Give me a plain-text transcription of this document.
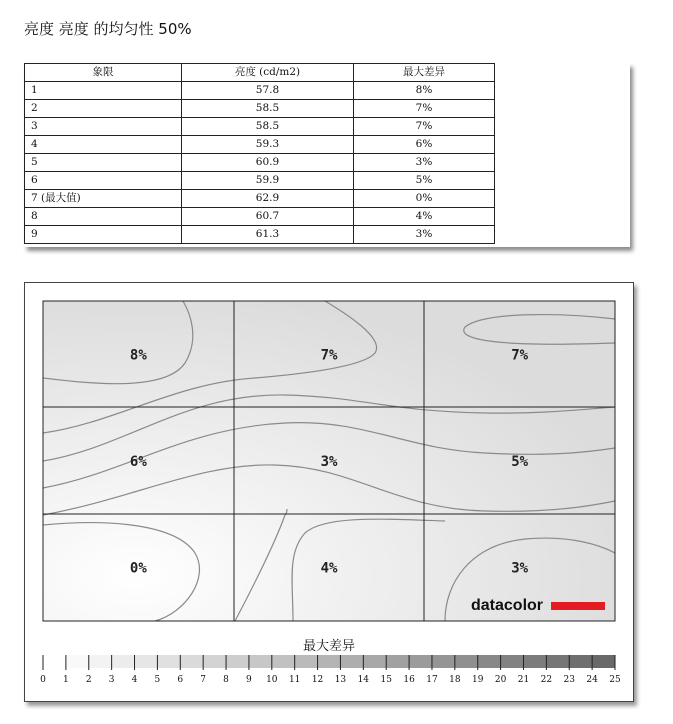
亮度 亮度 的均匀性 50%
象限	亮度 (cd/m2)	最大差异
1	57.8	8%
2	58.5	7%
3	58.5	7%
4	59.3	6%
5	60.9	3%
6	59.9	5%
7 (最大值)	62.9	0%
8	60.7	4%
9	61.3	3%
8%	7%	7%
6%	3%	5%
0%	4%	3%
datacolor
最大差异
0 1 2 3 4 5 6 7 8 9 10 11 12 13 14 15 16 17 18 19 20 21 22 23 24 25
